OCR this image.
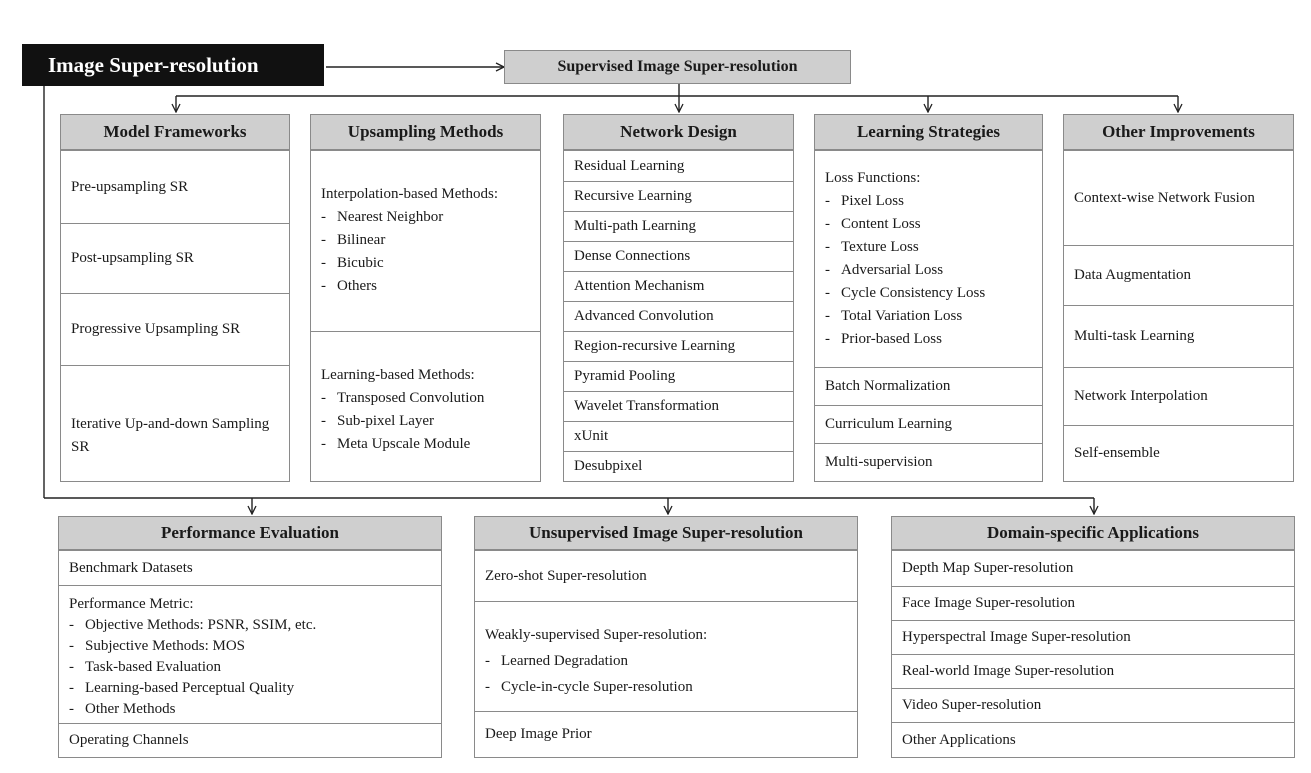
Image Super-resolution	Supervised Image Super-resolution
Model Frameworks
Pre-upsampling SR
Post-upsampling SR
Progressive Upsampling SR
Iterative Up-and-down Sampling SR
Upsampling Methods
Interpolation-based Methods:
- Nearest Neighbor
- Bilinear
- Bicubic
- Others
Learning-based Methods:
- Transposed Convolution
- Sub-pixel Layer
- Meta Upscale Module
Network Design
Residual Learning
Recursive Learning
Multi-path Learning
Dense Connections
Attention Mechanism
Advanced Convolution
Region-recursive Learning
Pyramid Pooling
Wavelet Transformation
xUnit
Desubpixel
Learning Strategies
Loss Functions:
- Pixel Loss
- Content Loss
- Texture Loss
- Adversarial Loss
- Cycle Consistency Loss
- Total Variation Loss
- Prior-based Loss
Batch Normalization
Curriculum Learning
Multi-supervision
Other Improvements
Context-wise Network Fusion
Data Augmentation
Multi-task Learning
Network Interpolation
Self-ensemble
Performance Evaluation
Benchmark Datasets
Performance Metric:
- Objective Methods: PSNR, SSIM, etc.
- Subjective Methods: MOS
- Task-based Evaluation
- Learning-based Perceptual Quality
- Other Methods
Operating Channels
Unsupervised Image Super-resolution
Zero-shot Super-resolution
Weakly-supervised Super-resolution:
- Learned Degradation
- Cycle-in-cycle Super-resolution
Deep Image Prior
Domain-specific Applications
Depth Map Super-resolution
Face Image Super-resolution
Hyperspectral Image Super-resolution
Real-world Image Super-resolution
Video Super-resolution
Other Applications
